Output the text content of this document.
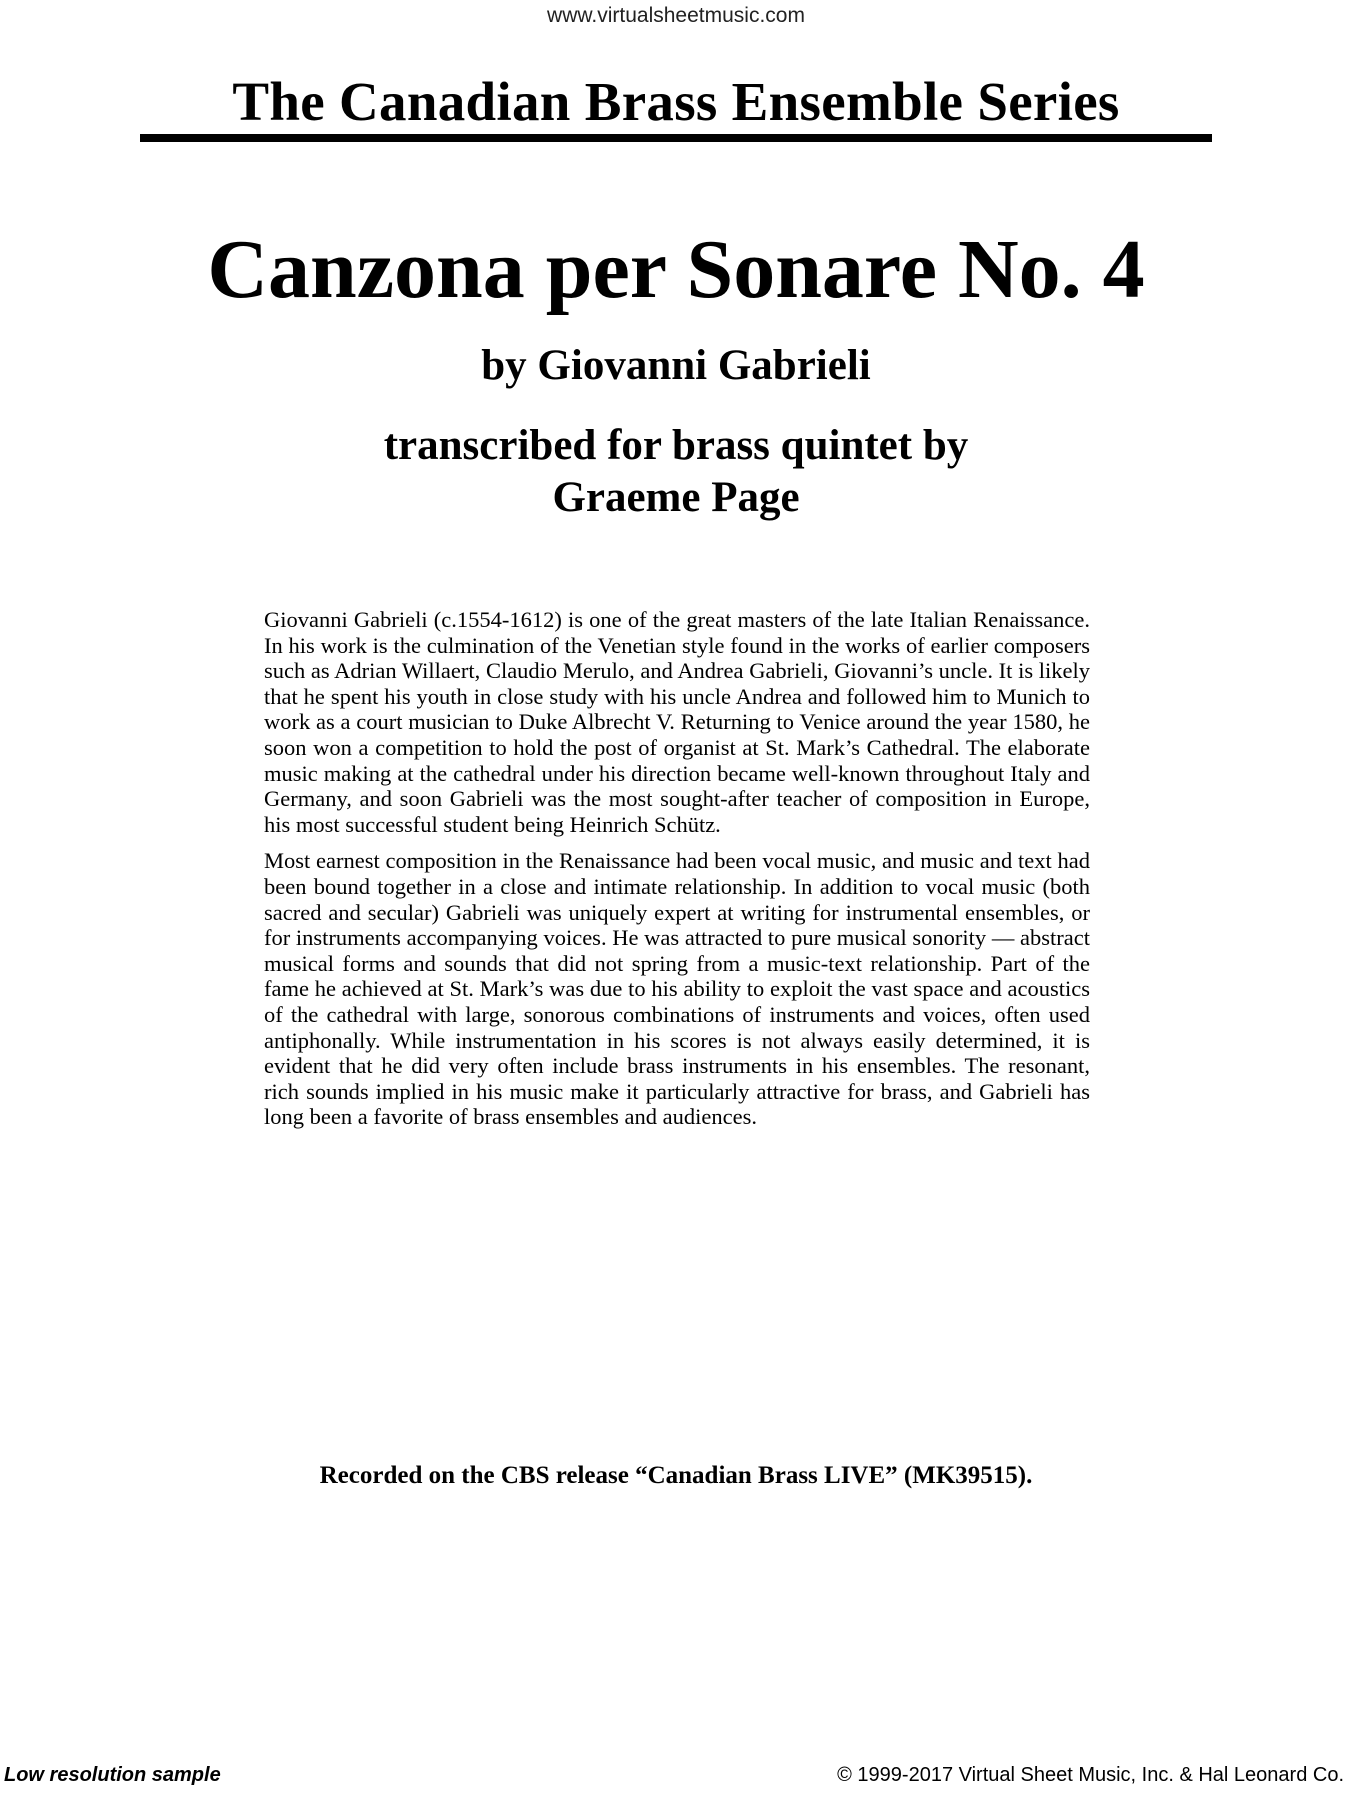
www.virtualsheetmusic.com
The Canadian Brass Ensemble Series
Canzona per Sonare No. 4
by Giovanni Gabrieli
transcribed for brass quintet by
Graeme Page

Giovanni Gabrieli (c.1554-1612) is one of the great masters of the late Italian Renaissance. In his work is the culmination of the Venetian style found in the works of earlier composers such as Adrian Willaert, Claudio Merulo, and Andrea Gabrieli, Giovanni’s uncle. It is likely that he spent his youth in close study with his uncle Andrea and followed him to Munich to work as a court musician to Duke Albrecht V. Returning to Venice around the year 1580, he soon won a competition to hold the post of organist at St. Mark’s Cathedral. The elaborate music making at the cathedral under his direction became well-known throughout Italy and Germany, and soon Gabrieli was the most sought-after teacher of composition in Europe, his most successful student being Heinrich Schütz.

Most earnest composition in the Renaissance had been vocal music, and music and text had been bound together in a close and intimate relationship. In addition to vocal music (both sacred and secular) Gabrieli was uniquely expert at writing for instrumental ensembles, or for instruments accompanying voices. He was attracted to pure musical sonority — abstract musical forms and sounds that did not spring from a music-text relationship. Part of the fame he achieved at St. Mark’s was due to his ability to exploit the vast space and acoustics of the cathedral with large, sonorous combinations of instruments and voices, often used antiphonally. While instrumentation in his scores is not always easily determined, it is evident that he did very often include brass instruments in his ensembles. The resonant, rich sounds implied in his music make it particularly attractive for brass, and Gabrieli has long been a favorite of brass ensembles and audiences.

Recorded on the CBS release “Canadian Brass LIVE” (MK39515).
Low resolution sample	© 1999-2017 Virtual Sheet Music, Inc. & Hal Leonard Co.
